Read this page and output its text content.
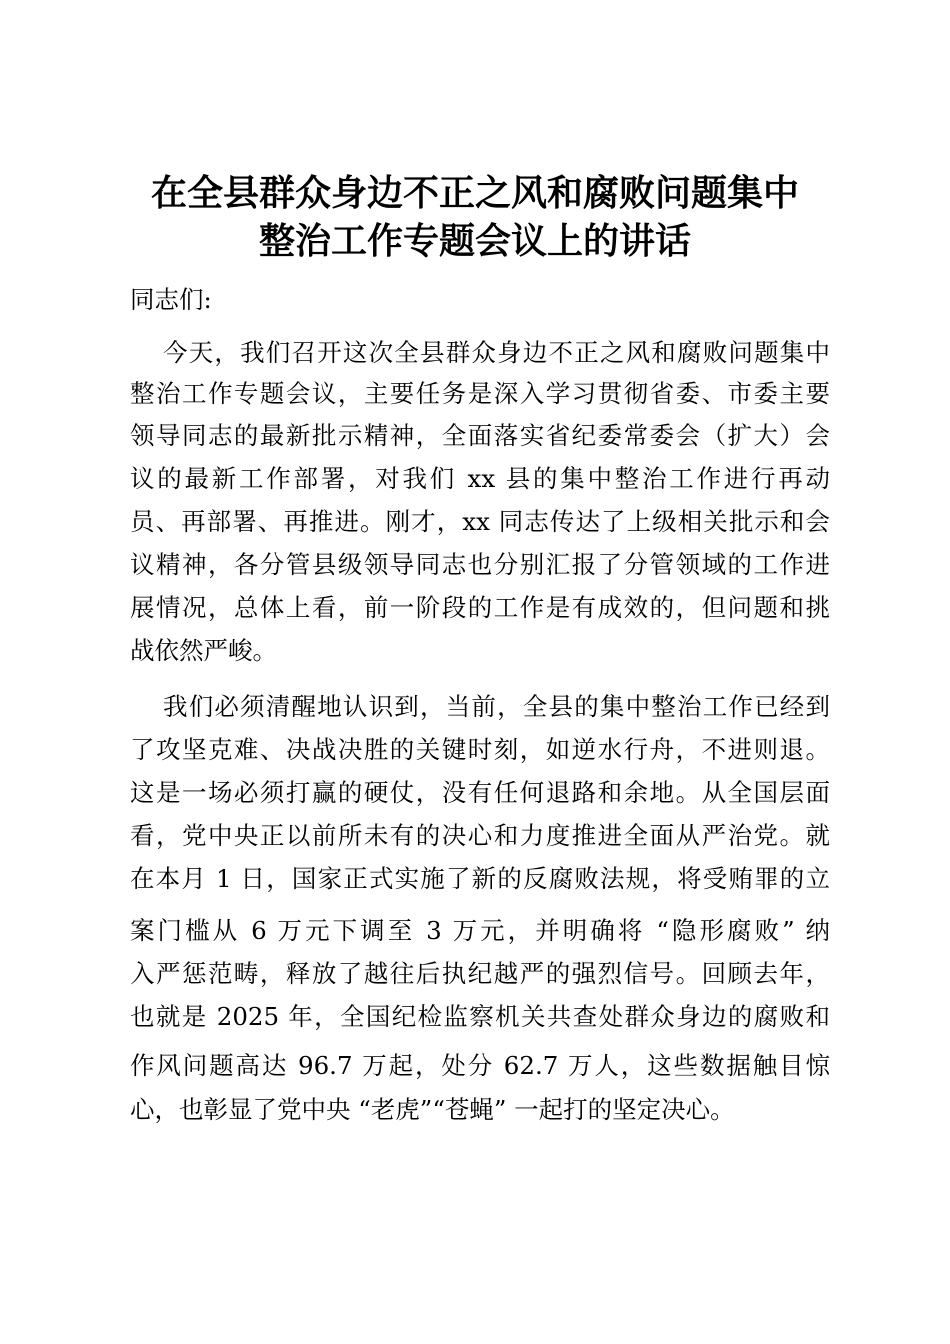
在全县群众身边不正之风和腐败问题集中
整治工作专题会议上的讲话
同志们:
今天，我们召开这次全县群众身边不正之风和腐败问题集中
整治工作专题会议，主要任务是深入学习贯彻省委、市委主要
领导同志的最新批示精神，全面落实省纪委常委会（扩大）会
议的最新工作部署，对我们 xx 县的集中整治工作进行再动
员、再部署、再推进。刚才，xx 同志传达了上级相关批示和会
议精神，各分管县级领导同志也分别汇报了分管领域的工作进
展情况，总体上看，前一阶段的工作是有成效的，但问题和挑
战依然严峻。
我们必须清醒地认识到，当前，全县的集中整治工作已经到
了攻坚克难、决战决胜的关键时刻，如逆水行舟，不进则退。
这是一场必须打赢的硬仗，没有任何退路和余地。从全国层面
看，党中央正以前所未有的决心和力度推进全面从严治党。就
在本月 1 日，国家正式实施了新的反腐败法规，将受贿罪的立
案门槛从 6 万元下调至 3 万元，并明确将 “隐形腐败” 纳
入严惩范畴，释放了越往后执纪越严的强烈信号。回顾去年，
也就是 2025 年，全国纪检监察机关共查处群众身边的腐败和
作风问题高达 96.7 万起，处分 62.7 万人，这些数据触目惊
心，也彰显了党中央 “老虎”“苍蝇” 一起打的坚定决心。
